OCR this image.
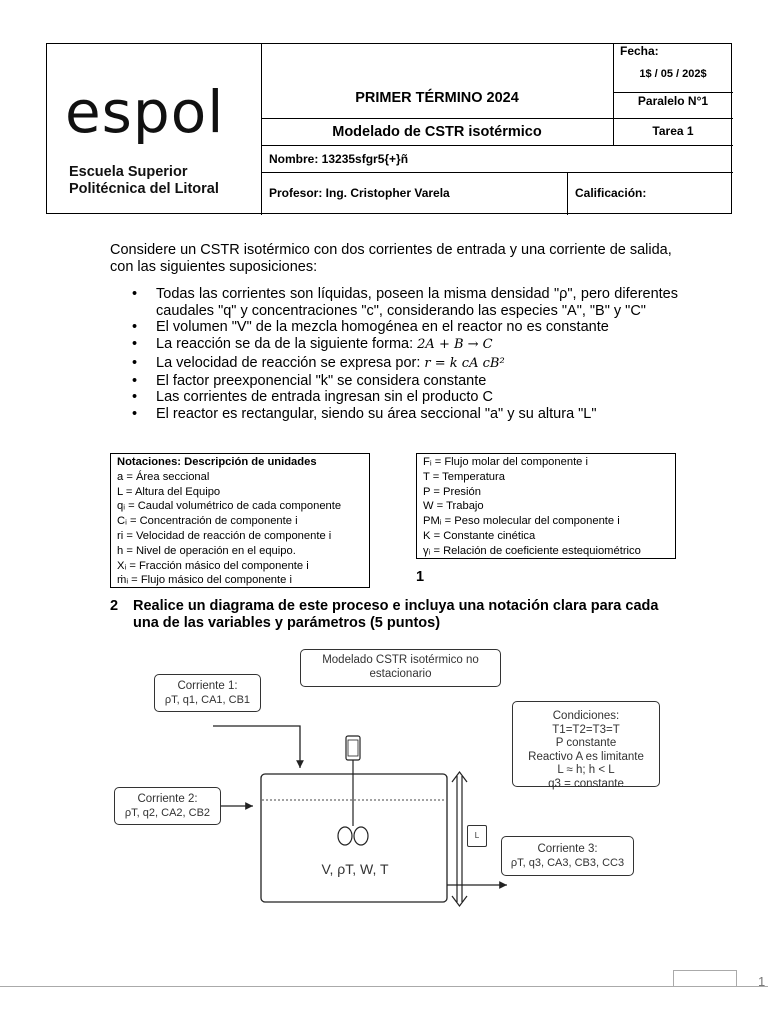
espol
Escuela Superior
Politécnica del Litoral
PRIMER TÉRMINO 2024
Modelado de CSTR isotérmico
Fecha:
1$ / 05 / 202$
Paralelo N°1
Tarea 1
Nombre: 13235sfgr5{+}ñ
Profesor: Ing. Cristopher Varela	Calificación:
Considere un CSTR isotérmico con dos corrientes de entrada y una corriente de salida, con las siguientes suposiciones:
• Todas las corrientes son líquidas, poseen la misma densidad "ρ", pero diferentes caudales "q" y concentraciones "c", considerando las especies "A", "B" y "C"
• El volumen "V" de la mezcla homogénea en el reactor no es constante
• La reacción se da de la siguiente forma: 2A + B → C
• La velocidad de reacción se expresa por: r = k cA cB²
• El factor preexponencial "k" se considera constante
• Las corrientes de entrada ingresan sin el producto C
• El reactor es rectangular, siendo su área seccional "a" y su altura "L"
Notaciones: Descripción de unidades
a = Área seccional
L = Altura del Equipo
qᵢ = Caudal volumétrico de cada componente
Cᵢ = Concentración de componente i
ri = Velocidad de reacción de componente i
h = Nivel de operación en el equipo.
Xᵢ = Fracción másico del componente i
ṁᵢ = Flujo másico del componente i
Fᵢ = Flujo molar del componente i
T = Temperatura
P = Presión
W = Trabajo
PMᵢ = Peso molecular del componente i
K = Constante cinética
γᵢ = Relación de coeficiente estequiométrico
1
2 Realice un diagrama de este proceso e incluya una notación clara para cada una de las variables y parámetros (5 puntos)
Modelado CSTR isotérmico no estacionario
Corriente 1:
ρT, q1, CA1, CB1
Corriente 2:
ρT, q2, CA2, CB2
Condiciones:
T1=T2=T3=T
P constante
Reactivo A es limitante
L ≈ h; h < L
q3 = constante
Corriente 3:
ρT, q3, CA3, CB3, CC3
L
V, ρT, W, T
1
